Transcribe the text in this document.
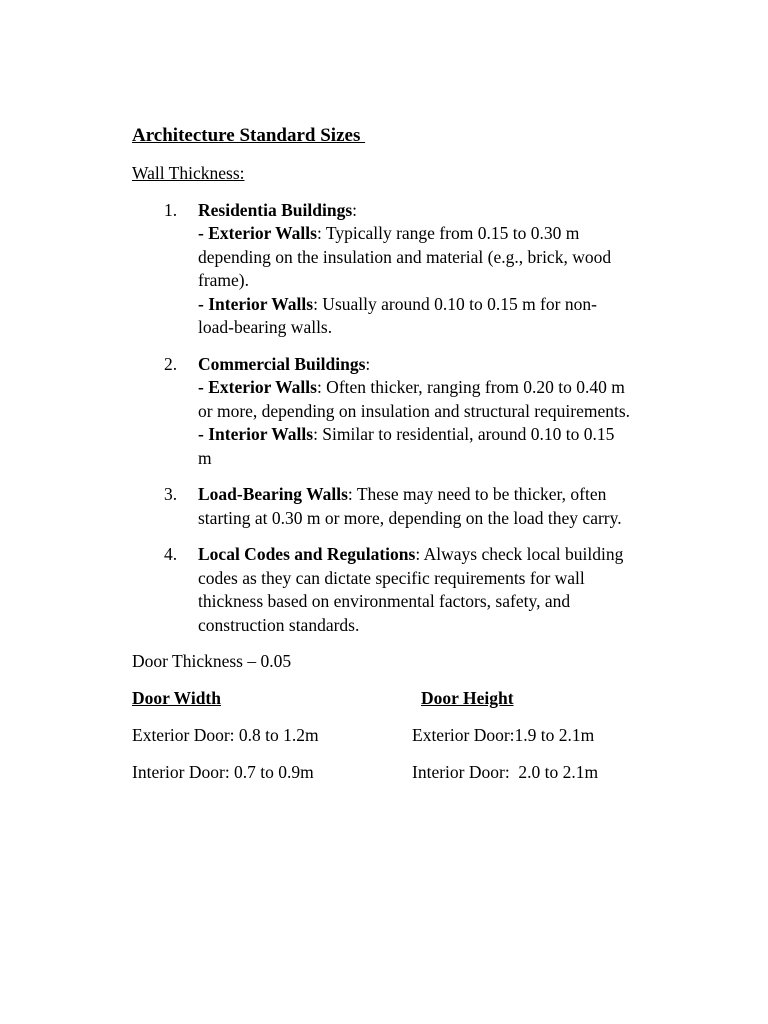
Architecture Standard Sizes
Wall Thickness:
1. Residentia Buildings:
- Exterior Walls: Typically range from 0.15 to 0.30 m depending on the insulation and material (e.g., brick, wood frame).
- Interior Walls: Usually around 0.10 to 0.15 m for non-load-bearing walls.
2. Commercial Buildings:
- Exterior Walls: Often thicker, ranging from 0.20 to 0.40 m or more, depending on insulation and structural requirements.
- Interior Walls: Similar to residential, around 0.10 to 0.15 m
3. Load-Bearing Walls: These may need to be thicker, often starting at 0.30 m or more, depending on the load they carry.
4. Local Codes and Regulations: Always check local building codes as they can dictate specific requirements for wall thickness based on environmental factors, safety, and construction standards.
Door Thickness – 0.05
Door Width	Door Height
Exterior Door: 0.8 to 1.2m	Exterior Door:1.9 to 2.1m
Interior Door: 0.7 to 0.9m	Interior Door:  2.0 to 2.1m
